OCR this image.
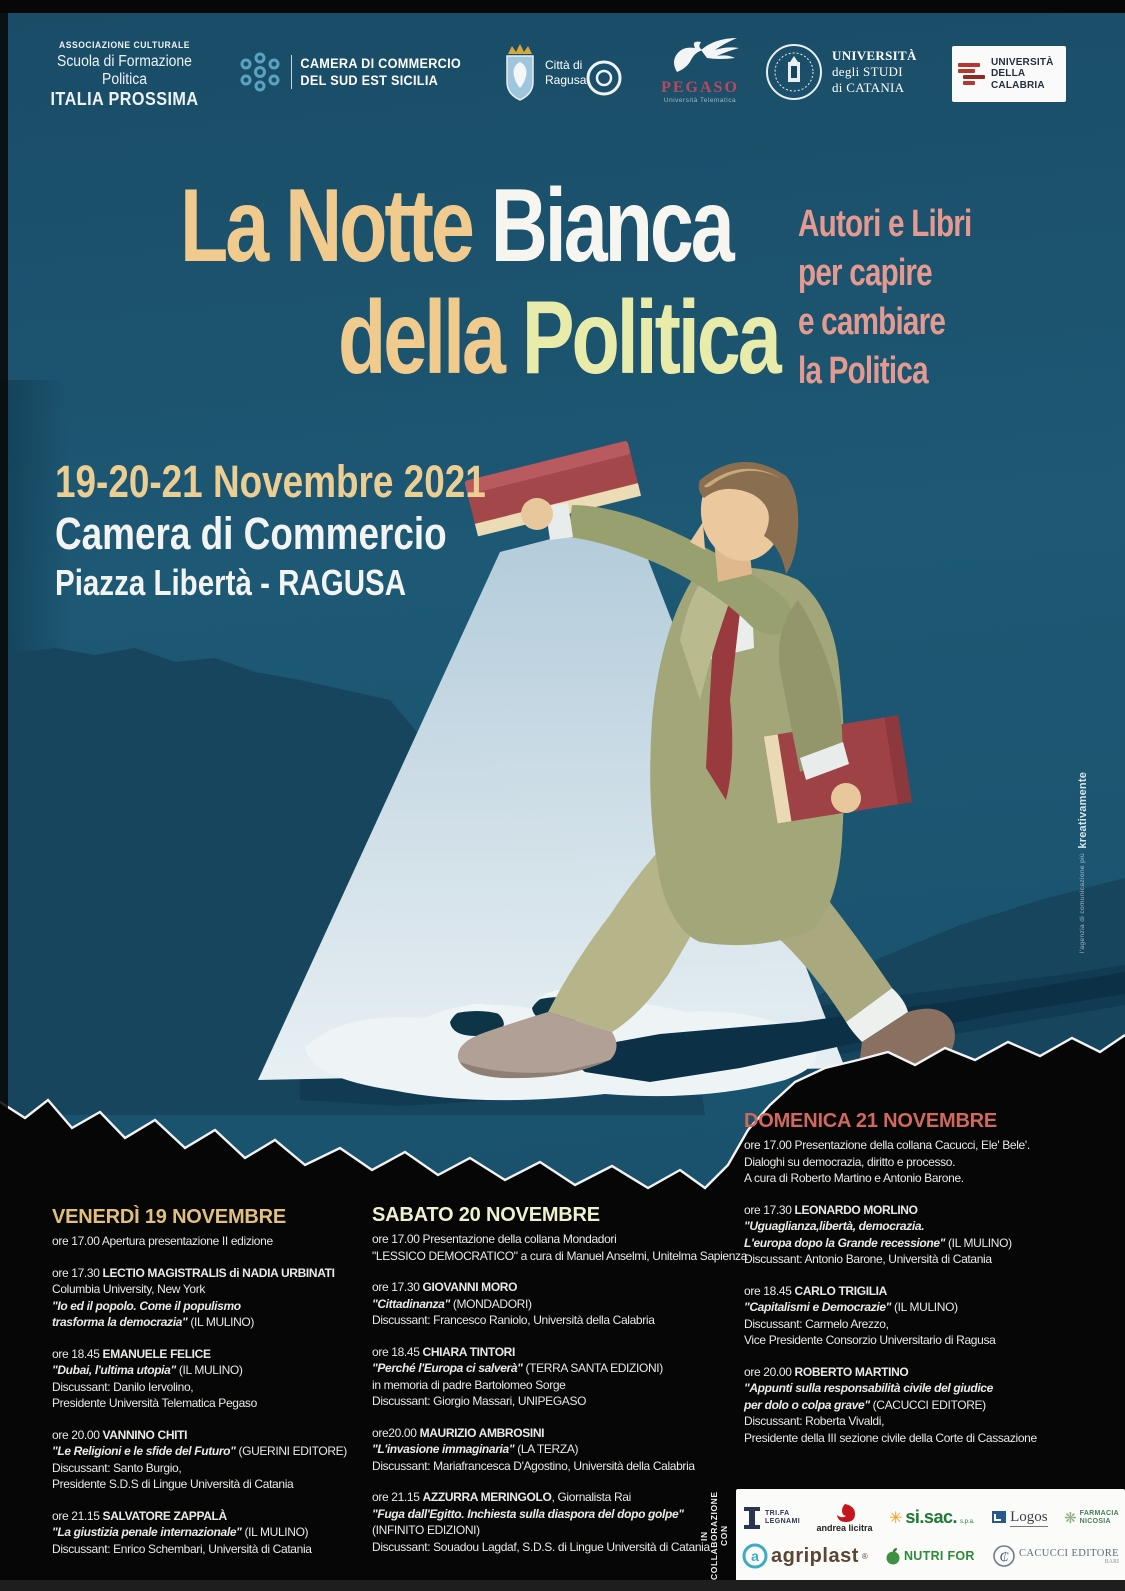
ASSOCIAZIONE CULTURALE
Scuola di Formazione Politica
ITALIA PROSSIMA
CAMERA DI COMMERCIO
DEL SUD EST SICILIA
Città di
Ragusa	PEGASO
Università Telematica
UNIVERSITÀ
degli STUDI
di CATANIA
UNIVERSITÀ
DELLA
CALABRIA
La Notte Bianca
della Politica
Autori e Libri
per capire
e cambiare
la Politica
19-20-21 Novembre 2021
Camera di Commercio
Piazza Libertà - RAGUSA
VENERDÌ 19 NOVEMBRE
ore 17.00 Apertura presentazione II edizione
ore 17.30 LECTIO MAGISTRALIS di NADIA URBINATI
Columbia University, New York
"Io ed il popolo. Come il populismo
trasforma la democrazia" (IL MULINO)
ore 18.45 EMANUELE FELICE
"Dubai, l'ultima utopia" (IL MULINO)
Discussant: Danilo Iervolino,
Presidente Università Telematica Pegaso
ore 20.00 VANNINO CHITI
"Le Religioni e le sfide del Futuro" (GUERINI EDITORE)
Discussant: Santo Burgio,
Presidente S.D.S di Lingue Università di Catania
ore 21.15 SALVATORE ZAPPALÀ
"La giustizia penale internazionale" (IL MULINO)
Discussant: Enrico Schembari, Università di Catania
SABATO 20 NOVEMBRE
ore 17.00 Presentazione della collana Mondadori
"LESSICO DEMOCRATICO" a cura di Manuel Anselmi, Unitelma Sapienza
ore 17.30 GIOVANNI MORO
"Cittadinanza" (MONDADORI)
Discussant: Francesco Raniolo, Università della Calabria
ore 18.45 CHIARA TINTORI
"Perché l'Europa ci salverà" (TERRA SANTA EDIZIONI)
in memoria di padre Bartolomeo Sorge
Discussant: Giorgio Massari, UNIPEGASO
ore20.00 MAURIZIO AMBROSINI
"L'invasione immaginaria" (LA TERZA)
Discussant: Mariafrancesca D'Agostino, Università della Calabria
ore 21.15 AZZURRA MERINGOLO, Giornalista Rai
"Fuga dall'Egitto. Inchiesta sulla diaspora del dopo golpe"
(INFINITO EDIZIONI)
Discussant: Souadou Lagdaf, S.D.S. di Lingue Università di Catania
DOMENICA 21 NOVEMBRE
ore 17.00 Presentazione della collana Cacucci, Ele' Bele'.
Dialoghi su democrazia, diritto e processo.
A cura di Roberto Martino e Antonio Barone.
ore 17.30 LEONARDO MORLINO
"Uguaglianza,libertà, democrazia.
L'europa dopo la Grande recessione" (IL MULINO)
Discussant: Antonio Barone, Università di Catania
ore 18.45 CARLO TRIGILIA
"Capitalismi e Democrazie" (IL MULINO)
Discussant: Carmelo Arezzo,
Vice Presidente Consorzio Universitario di Ragusa
ore 20.00 ROBERTO MARTINO
"Appunti sulla responsabilità civile del giudice
per dolo o colpa grave" (CACUCCI EDITORE)
Discussant: Roberta Vivaldi,
Presidente della III sezione civile della Corte di Cassazione
IN COLLABORAZIONE CON
TRI.FA
LEGNAMI
andrea licitra
✳ si.sac. s.p.a. Logos ❋ FARMACIA
NICOSIA
a agriplast ®	NUTRI FOR ₵ CACUCCI EDITORE
BARI
l'agenzia di comunicazione più kreativamente
